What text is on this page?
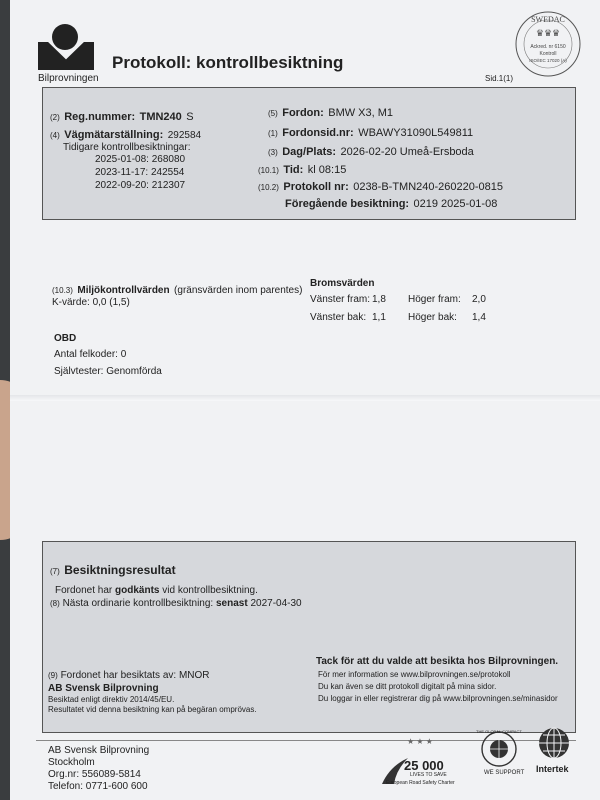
Bilprovningen
Protokoll: kontrollbesiktning
SWEDAC
♛♛♛
Ackred. nr 6150
Kontroll
ISO/IEC 17020 (A)
Sid.1(1)
(2) Reg.nummer: TMN240 S
(4) Vägmätarställning: 292584
Tidigare kontrollbesiktningar:
2025-01-08: 268080
2023-11-17: 242554
2022-09-20: 212307
(5) Fordon: BMW X3, M1
(1) Fordonsid.nr: WBAWY31090L549811
(3) Dag/Plats: 2026-02-20 Umeå-Ersboda
(10.1) Tid: kl 08:15
(10.2) Protokoll nr: 0238-B-TMN240-260220-0815
Föregående besiktning: 0219 2025-01-08
(10.3) Miljökontrollvärden (gränsvärden inom parentes)
K-värde: 0,0 (1,5)
Bromsvärden
Vänster fram: 1,8 Höger fram: 2,0
Vänster bak: 1,1 Höger bak: 1,4
OBD
Antal felkoder: 0
Självtester: Genomförda
(7) Besiktningsresultat
Fordonet har godkänts vid kontrollbesiktning.
(8) Nästa ordinarie kontrollbesiktning: senast 2027-04-30
(9) Fordonet har besiktats av: MNOR
AB Svensk Bilprovning
Besiktad enligt direktiv 2014/45/EU.
Resultatet vid denna besiktning kan på begäran omprövas.
Tack för att du valde att besikta hos Bilprovningen.
För mer information se www.bilprovningen.se/protokoll
Du kan även se ditt protokoll digitalt på mina sidor.
Du loggar in eller registrerar dig på www.bilprovningen.se/minasidor
AB Svensk Bilprovning
Stockholm
Org.nr: 556089-5814
Telefon: 0771-600 600
★ ★ ★
25 000
LIVES TO SAVE
European Road Safety Charter
THE GLOBAL COMPACT
WE SUPPORT Intertek
